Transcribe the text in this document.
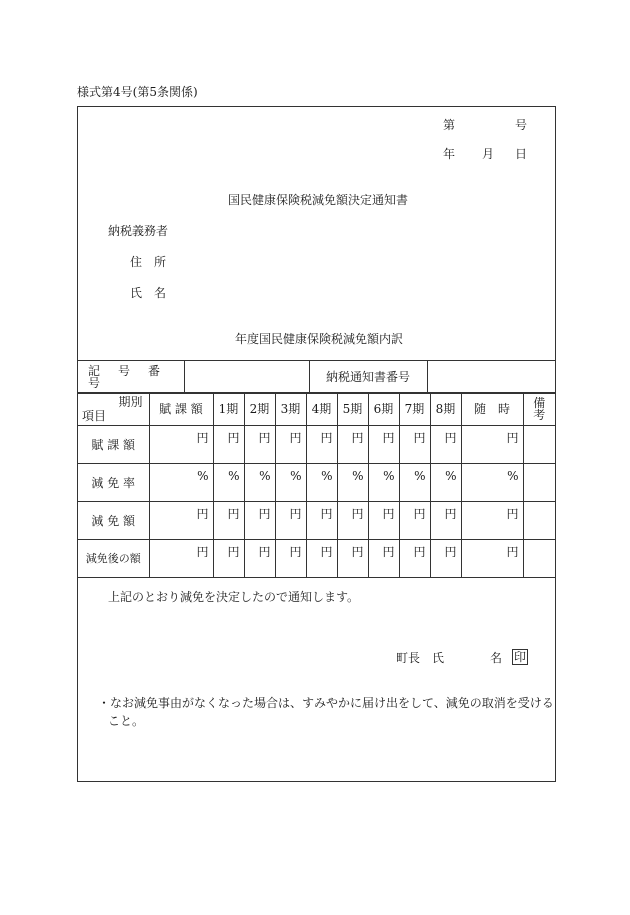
様式第4号(第5条関係)
第	号
年 月 日
国民健康保険税減免額決定通知書
納税義務者
住　所
氏　名
年度国民健康保険税減免額内訳
記　号　番　号		納税通知書番号	
期別
項目	賦 課 額	1期	2期	3期	4期	5期	6期	7期	8期	随　時	備　考
賦 課 額	円	円	円	円	円	円	円	円	円	円	
減 免 率	%	%	%	%	%	%	%	%	%	%	
減 免 額	円	円	円	円	円	円	円	円	円	円	
減免後の額	円	円	円	円	円	円	円	円	円	円	
上記のとおり減免を決定したので通知します。
町長 氏	名 印
・なお減免事由がなくなった場合は、すみやかに届け出をして、減免の取消を受ける
こと。
